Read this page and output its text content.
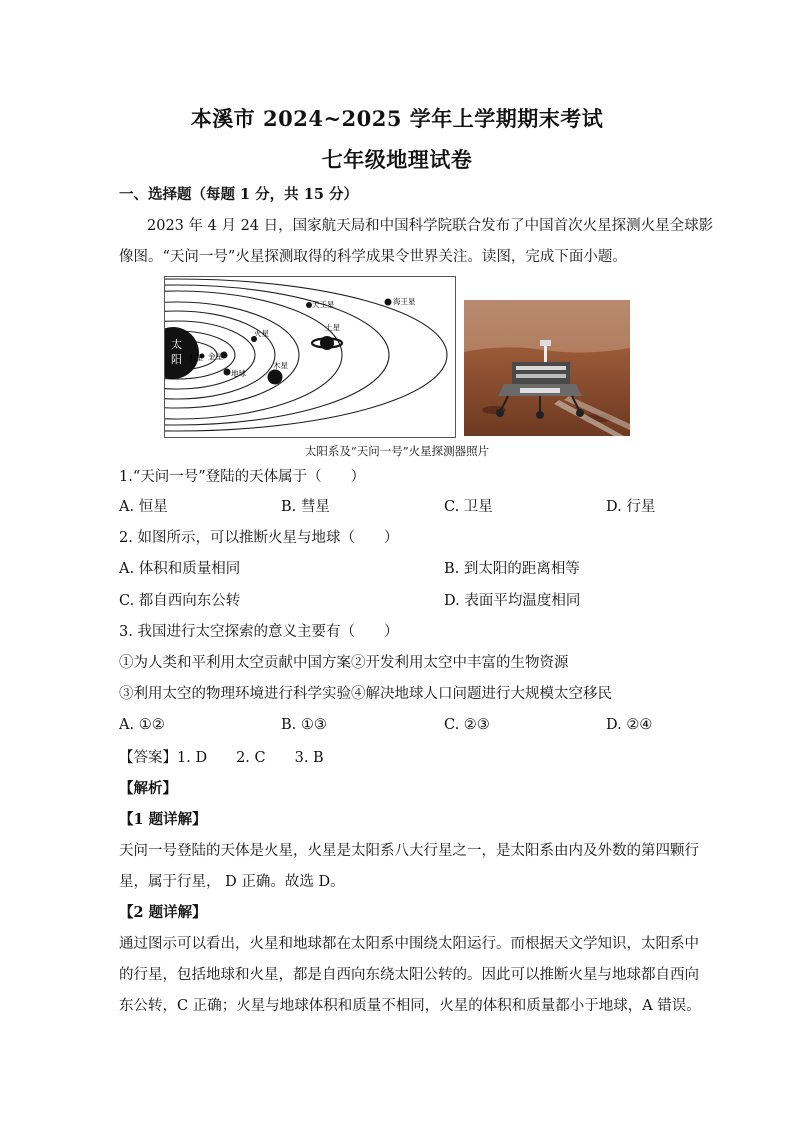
本溪市 2024~2025 学年上学期期末考试
七年级地理试卷
一、选择题（每题 1 分，共 15 分）
2023 年 4 月 24 日，国家航天局和中国科学院联合发布了中国首次火星探测火星全球影
像图。“天问一号”火星探测取得的科学成果令世界关注。读图，完成下面小题。
太
阳 水星 金星
地球
火星
木星
土星
天王星	海王星
太阳系及“天问一号”火星探测器照片
1.“天问一号”登陆的天体属于（　　）
A. 恒星	B. 彗星	C. 卫星	D. 行星
2. 如图所示，可以推断火星与地球（　　）
A. 体积和质量相同	B. 到太阳的距离相等
C. 都自西向东公转	D. 表面平均温度相同
3. 我国进行太空探索的意义主要有（　　）
①为人类和平利用太空贡献中国方案②开发利用太空中丰富的生物资源
③利用太空的物理环境进行科学实验④解决地球人口问题进行大规模太空移民
A. ①②	B. ①③	C. ②③	D. ②④
【答案】1. D　　2. C　　3. B
【解析】
【1 题详解】
天问一号登陆的天体是火星，火星是太阳系八大行星之一，是太阳系由内及外数的第四颗行
星，属于行星， D 正确。故选 D。
【2 题详解】
通过图示可以看出，火星和地球都在太阳系中围绕太阳运行。而根据天文学知识，太阳系中
的行星，包括地球和火星，都是自西向东绕太阳公转的。因此可以推断火星与地球都自西向
东公转，C 正确；火星与地球体积和质量不相同，火星的体积和质量都小于地球，A 错误。
